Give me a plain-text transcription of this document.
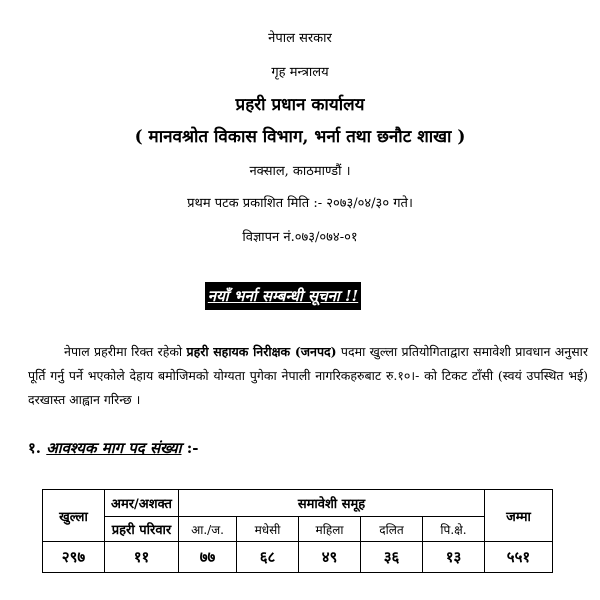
नेपाल सरकार
गृह मन्त्रालय
प्रहरी प्रधान कार्यालय
( मानवश्रोत विकास विभाग, भर्ना तथा छनौट शाखा )
नक्साल, काठमाण्डौं ।
प्रथम पटक प्रकाशित मिति :- २०७३/०४/३० गते।
विज्ञापन नं.०७३/०७४-०१
नयाँ भर्ना सम्बन्धी सूचना !!
नेपाल प्रहरीमा रिक्त रहेको प्रहरी सहायक निरीक्षक (जनपद) पदमा खुल्ला प्रतियोगिताद्वारा समावेशी प्रावधान अनुसार पूर्ति गर्नु पर्ने भएकोले देहाय बमोजिमको योग्यता पुगेका नेपाली नागरिकहरुबाट रु.१०।- को टिकट टाँसी (स्वयं उपस्थित भई) दरखास्त आह्वान गरिन्छ ।
१. आवश्यक माग पद संख्या :-
खुल्ला	अमर/अशक्त	समावेशी समूह					जम्मा
	प्रहरी परिवार	आ./ज.	मधेसी	महिला	दलित	पि.क्षे.	
२९७	११	७७	६८	४९	३६	१३	५५१
